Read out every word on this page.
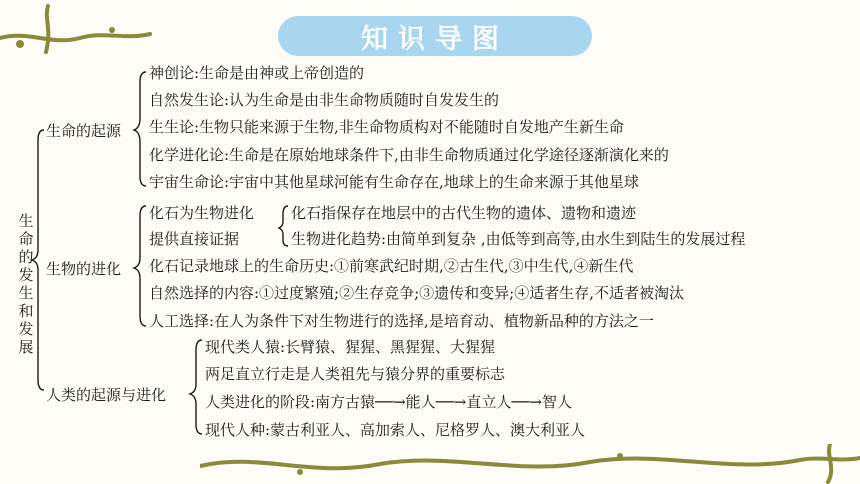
知识导图
生命的发生和发展
生命的起源
神创论:生命是由神或上帝创造的
自然发生论:认为生命是由非生命物质随时自发发生的
生生论:生物只能来源于生物,非生命物质构对不能随时自发地产生新生命
化学进化论:生命是在原始地球条件下,由非生命物质通过化学途径逐渐演化来的
宇宙生命论:宇宙中其他星球河能有生命存在,地球上的生命来源于其他星球
生物的进化
化石为生物进化
提供直接证据
化石指保存在地层中的古代生物的遗体、遗物和遗迹
生物进化趋势:由简单到复杂 ,由低等到高等,由水生到陆生的发展过程
化石记录地球上的生命历史:①前寒武纪时期,②古生代,③中生代,④新生代
自然选择的内容:①过度繁殖;②生存竞争;③遗传和变异;④适者生存,不适者被淘汰
人工选择:在人为条件下对生物进行的选择,是培育动、植物新品种的方法之一
人类的起源与进化
现代类人猿:长臂猿、猩猩、黑猩猩、大猩猩
两足直立行走是人类祖先与猿分界的重要标志
人类进化的阶段:南方古猿──→能人──→直立人──→智人
现代人种:蒙古利亚人、高加索人、尼格罗人、澳大利亚人
